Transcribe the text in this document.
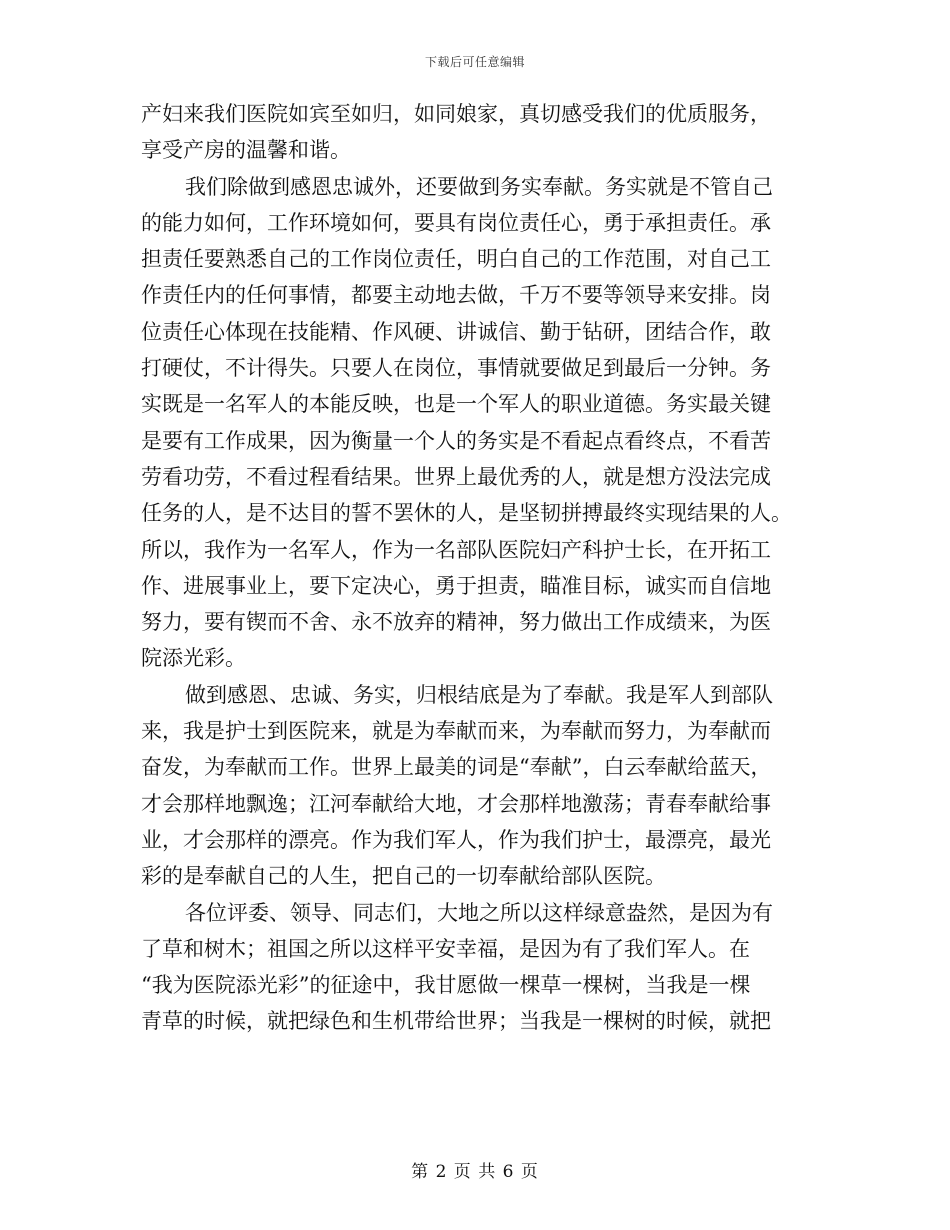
下载后可任意编辑
产妇来我们医院如宾至如归，如同娘家，真切感受我们的优质服务，
享受产房的温馨和谐。
我们除做到感恩忠诚外，还要做到务实奉献。务实就是不管自己
的能力如何，工作环境如何，要具有岗位责任心，勇于承担责任。承
担责任要熟悉自己的工作岗位责任，明白自己的工作范围，对自己工
作责任内的任何事情，都要主动地去做，千万不要等领导来安排。岗
位责任心体现在技能精、作风硬、讲诚信、勤于钻研，团结合作，敢
打硬仗，不计得失。只要人在岗位，事情就要做足到最后一分钟。务
实既是一名军人的本能反映，也是一个军人的职业道德。务实最关键
是要有工作成果，因为衡量一个人的务实是不看起点看终点，不看苦
劳看功劳，不看过程看结果。世界上最优秀的人，就是想方没法完成
任务的人，是不达目的誓不罢休的人，是坚韧拼搏最终实现结果的人。
所以，我作为一名军人，作为一名部队医院妇产科护士长，在开拓工
作、进展事业上，要下定决心，勇于担责，瞄准目标，诚实而自信地
努力，要有锲而不舍、永不放弃的精神，努力做出工作成绩来，为医
院添光彩。
做到感恩、忠诚、务实，归根结底是为了奉献。我是军人到部队
来，我是护士到医院来，就是为奉献而来，为奉献而努力，为奉献而
奋发，为奉献而工作。世界上最美的词是“奉献”，白云奉献给蓝天，
才会那样地飘逸；江河奉献给大地，才会那样地激荡；青春奉献给事
业，才会那样的漂亮。作为我们军人，作为我们护士，最漂亮，最光
彩的是奉献自己的人生，把自己的一切奉献给部队医院。
各位评委、领导、同志们，大地之所以这样绿意盎然，是因为有
了草和树木；祖国之所以这样平安幸福，是因为有了我们军人。在
“我为医院添光彩”的征途中，我甘愿做一棵草一棵树，当我是一棵
青草的时候，就把绿色和生机带给世界；当我是一棵树的时候，就把
第 2 页 共 6 页
